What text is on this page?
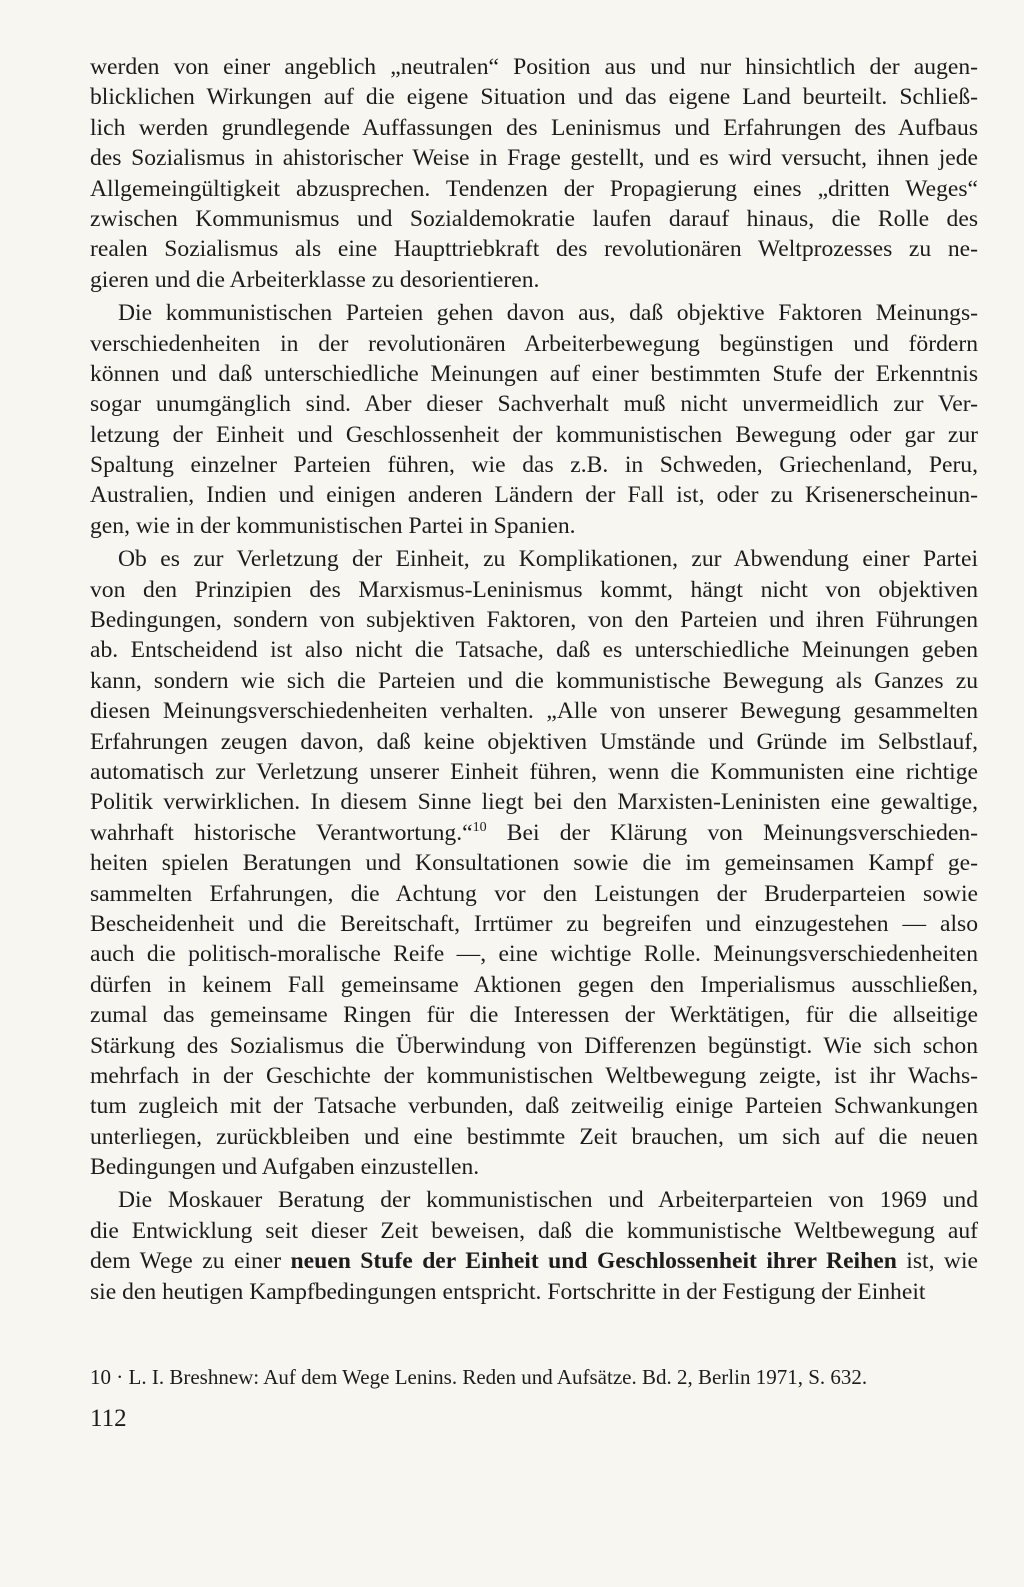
werden von einer angeblich „neutralen“ Position aus und nur hinsichtlich der augen-
blicklichen Wirkungen auf die eigene Situation und das eigene Land beurteilt. Schließ-
lich werden grundlegende Auffassungen des Leninismus und Erfahrungen des Aufbaus
des Sozialismus in ahistorischer Weise in Frage gestellt, und es wird versucht, ihnen jede
Allgemeingültigkeit abzusprechen. Tendenzen der Propagierung eines „dritten Weges“
zwischen Kommunismus und Sozialdemokratie laufen darauf hinaus, die Rolle des
realen Sozialismus als eine Haupttriebkraft des revolutionären Weltprozesses zu ne-
gieren und die Arbeiterklasse zu desorientieren.
Die kommunistischen Parteien gehen davon aus, daß objektive Faktoren Meinungs-
verschiedenheiten in der revolutionären Arbeiterbewegung begünstigen und fördern
können und daß unterschiedliche Meinungen auf einer bestimmten Stufe der Erkenntnis
sogar unumgänglich sind. Aber dieser Sachverhalt muß nicht unvermeidlich zur Ver-
letzung der Einheit und Geschlossenheit der kommunistischen Bewegung oder gar zur
Spaltung einzelner Parteien führen, wie das z.B. in Schweden, Griechenland, Peru,
Australien, Indien und einigen anderen Ländern der Fall ist, oder zu Krisenerscheinun-
gen, wie in der kommunistischen Partei in Spanien.
Ob es zur Verletzung der Einheit, zu Komplikationen, zur Abwendung einer Partei
von den Prinzipien des Marxismus-Leninismus kommt, hängt nicht von objektiven
Bedingungen, sondern von subjektiven Faktoren, von den Parteien und ihren Führungen
ab. Entscheidend ist also nicht die Tatsache, daß es unterschiedliche Meinungen geben
kann, sondern wie sich die Parteien und die kommunistische Bewegung als Ganzes zu
diesen Meinungsverschiedenheiten verhalten. „Alle von unserer Bewegung gesammelten
Erfahrungen zeugen davon, daß keine objektiven Umstände und Gründe im Selbstlauf,
automatisch zur Verletzung unserer Einheit führen, wenn die Kommunisten eine richtige
Politik verwirklichen. In diesem Sinne liegt bei den Marxisten-Leninisten eine gewaltige,
wahrhaft historische Verantwortung.“$^{10}$ Bei der Klärung von Meinungsverschieden-
heiten spielen Beratungen und Konsultationen sowie die im gemeinsamen Kampf ge-
sammelten Erfahrungen, die Achtung vor den Leistungen der Bruderparteien sowie
Bescheidenheit und die Bereitschaft, Irrtümer zu begreifen und einzugestehen — also
auch die politisch-moralische Reife —, eine wichtige Rolle. Meinungsverschiedenheiten
dürfen in keinem Fall gemeinsame Aktionen gegen den Imperialismus ausschließen,
zumal das gemeinsame Ringen für die Interessen der Werktätigen, für die allseitige
Stärkung des Sozialismus die Überwindung von Differenzen begünstigt. Wie sich schon
mehrfach in der Geschichte der kommunistischen Weltbewegung zeigte, ist ihr Wachs-
tum zugleich mit der Tatsache verbunden, daß zeitweilig einige Parteien Schwankungen
unterliegen, zurückbleiben und eine bestimmte Zeit brauchen, um sich auf die neuen
Bedingungen und Aufgaben einzustellen.
Die Moskauer Beratung der kommunistischen und Arbeiterparteien von 1969 und
die Entwicklung seit dieser Zeit beweisen, daß die kommunistische Weltbewegung auf
dem Wege zu einer neuen Stufe der Einheit und Geschlossenheit ihrer Reihen ist, wie
sie den heutigen Kampfbedingungen entspricht. Fortschritte in der Festigung der Einheit
10 · L. I. Breshnew: Auf dem Wege Lenins. Reden und Aufsätze. Bd. 2, Berlin 1971, S. 632.
112
